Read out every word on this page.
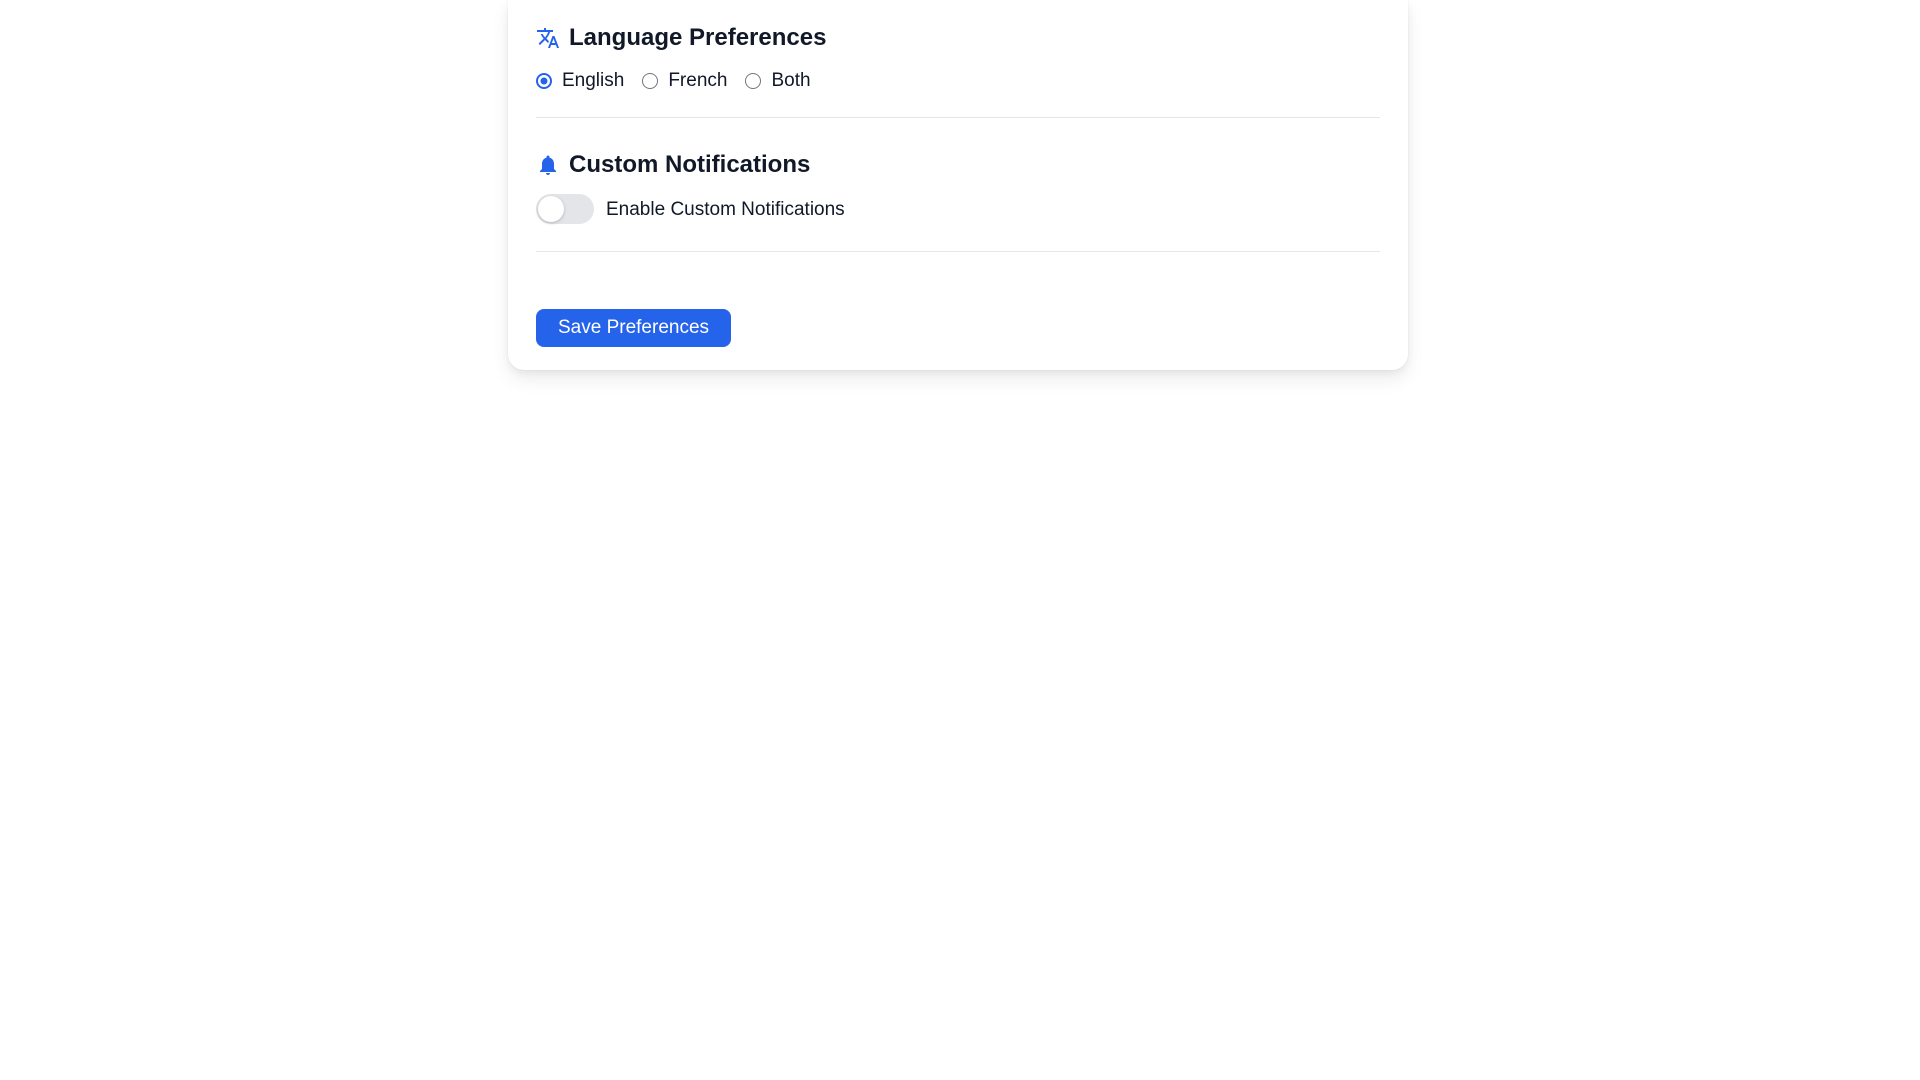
Language Preferences
English French Both
Custom Notifications
Enable Custom Notifications
Save Preferences
